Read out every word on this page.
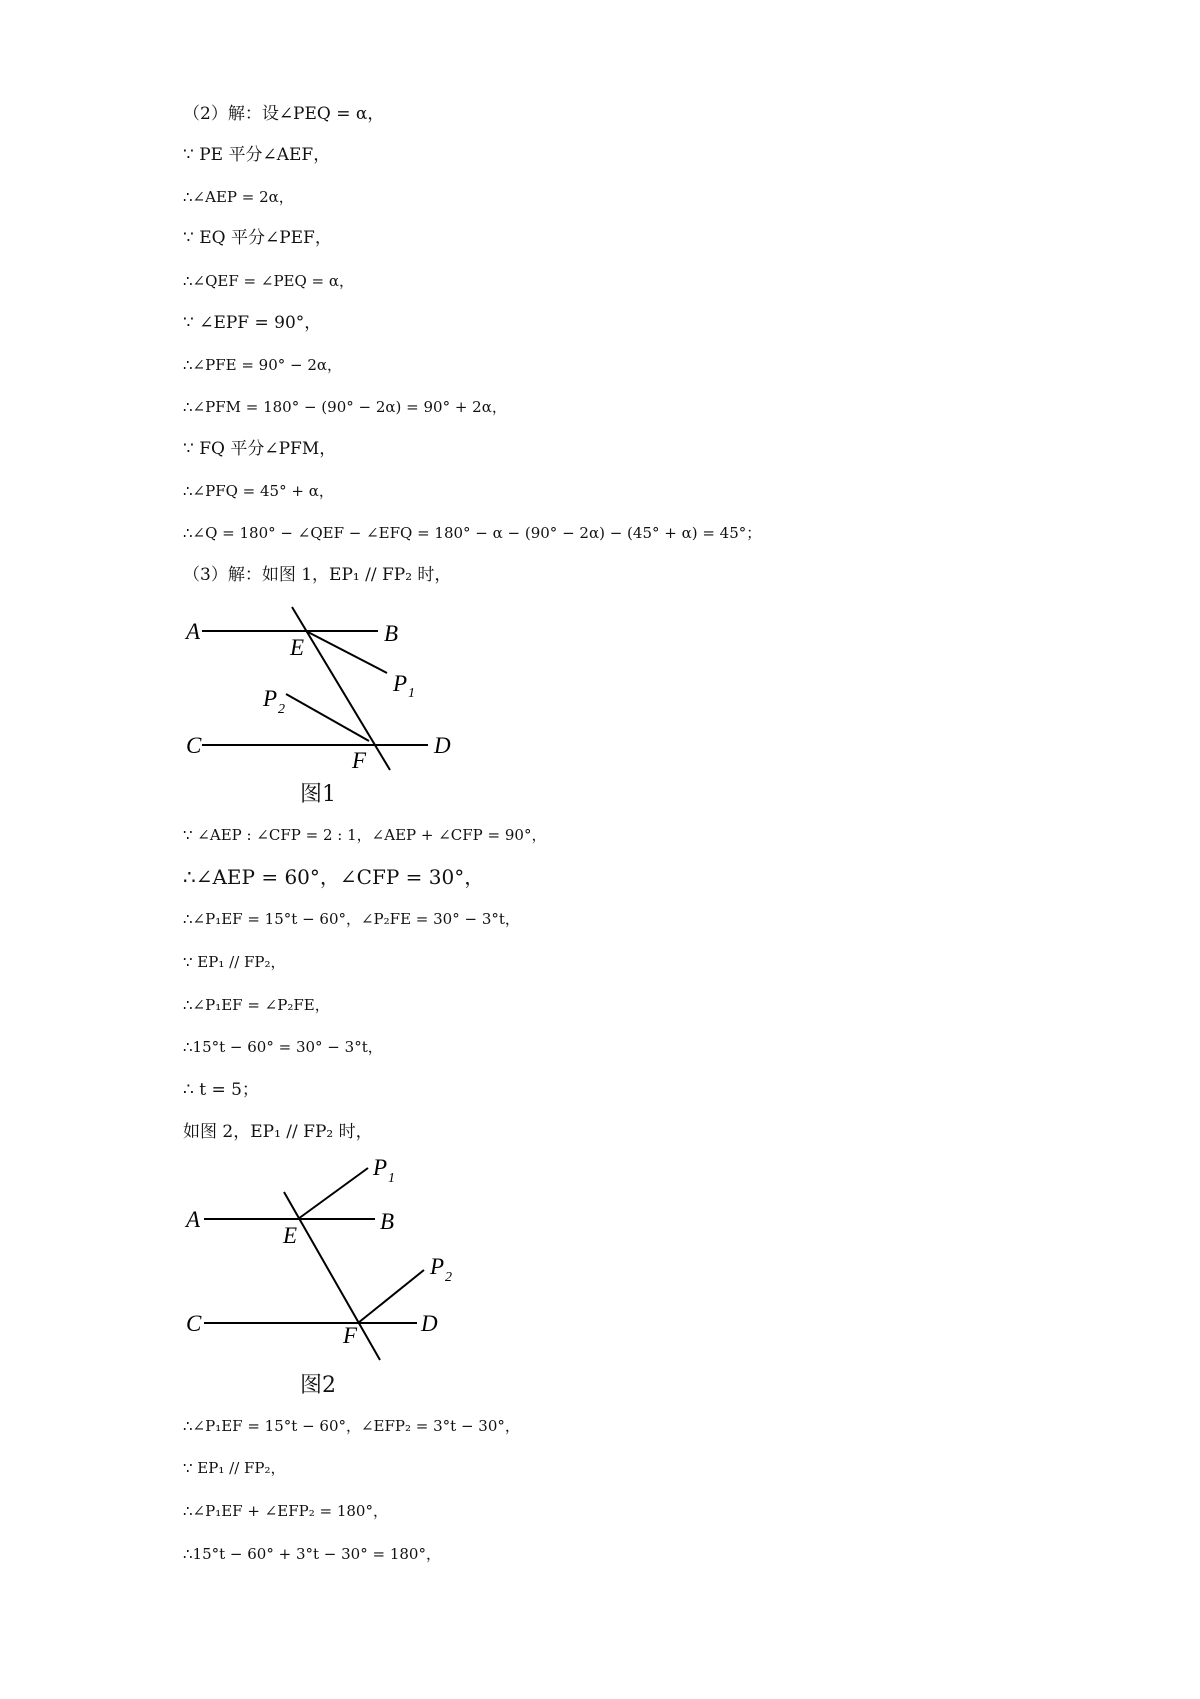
（2）解：设∠PEQ = α，
∵ PE 平分∠AEF，
∴∠AEP = 2α，
∵ EQ 平分∠PEF，
∴∠QEF = ∠PEQ = α，
∵ ∠EPF = 90°，
∴∠PFE = 90° − 2α，
∴∠PFM = 180° − (90° − 2α) = 90° + 2α，
∵ FQ 平分∠PFM，
∴∠PFQ = 45° + α，
∴∠Q = 180° − ∠QEF − ∠EFQ = 180° − α − (90° − 2α) − (45° + α) = 45°；
（3）解：如图 1，EP₁ // FP₂ 时，
A	B
E
P 1
P 2
C	D
F
图1
∵ ∠AEP : ∠CFP = 2 : 1，∠AEP + ∠CFP = 90°，
∴∠AEP = 60°，∠CFP = 30°，
∴∠P₁EF = 15°t − 60°，∠P₂FE = 30° − 3°t，
∵ EP₁ // FP₂，
∴∠P₁EF = ∠P₂FE，
∴15°t − 60° = 30° − 3°t，
∴ t = 5；
如图 2，EP₁ // FP₂ 时，
A	B
E
P 1
P 2
C	D
F
图2
∴∠P₁EF = 15°t − 60°，∠EFP₂ = 3°t − 30°，
∵ EP₁ // FP₂，
∴∠P₁EF + ∠EFP₂ = 180°，
∴15°t − 60° + 3°t − 30° = 180°，
